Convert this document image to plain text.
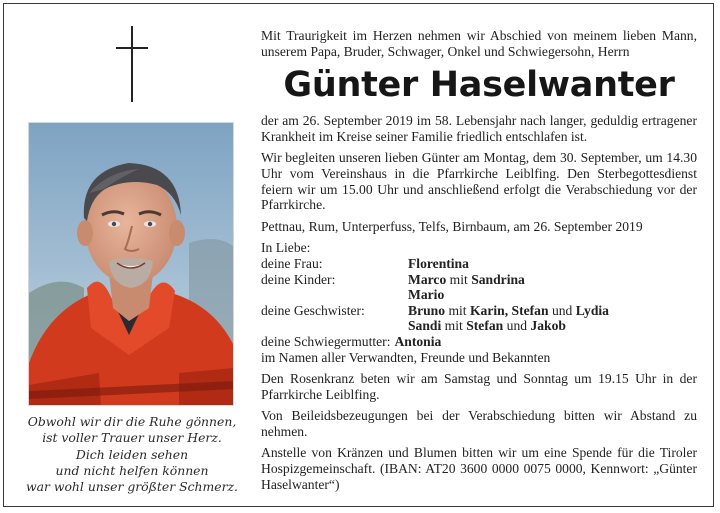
Obwohl wir dir die Ruhe gönnen,
ist voller Trauer unser Herz.
Dich leiden sehen
und nicht helfen können
war wohl unser größter Schmerz.
Mit Traurigkeit im Herzen nehmen wir Abschied von meinem lieben Mann, unserem Papa, Bruder, Schwager, Onkel und Schwiegersohn, Herrn
Günter Haselwanter
der am 26. September 2019 im 58. Lebensjahr nach langer, geduldig ertragener Krankheit im Kreise seiner Familie friedlich entschlafen ist.
Wir begleiten unseren lieben Günter am Montag, dem 30. September, um 14.30 Uhr vom Vereinshaus in die Pfarrkirche Leiblfing. Den Sterbegottesdienst feiern wir um 15.00 Uhr und anschließend erfolgt die Verabschiedung vor der Pfarrkirche.
Pettnau, Rum, Unterperfuss, Telfs, Birnbaum, am 26. September 2019
In Liebe:
deine Frau:	Florentina
deine Kinder:	Marco mit Sandrina
Mario
deine Geschwister:	Bruno mit Karin, Stefan und Lydia
Sandi mit Stefan und Jakob
deine Schwiegermutter: Antonia
im Namen aller Verwandten, Freunde und Bekannten
Den Rosenkranz beten wir am Samstag und Sonntag um 19.15 Uhr in der Pfarrkirche Leiblfing.
Von Beileidsbezeugungen bei der Verabschiedung bitten wir Abstand zu nehmen.
Anstelle von Kränzen und Blumen bitten wir um eine Spende für die Tiroler Hospizgemeinschaft. (IBAN: AT20 3600 0000 0075 0000, Kennwort: „Günter Haselwanter“)
